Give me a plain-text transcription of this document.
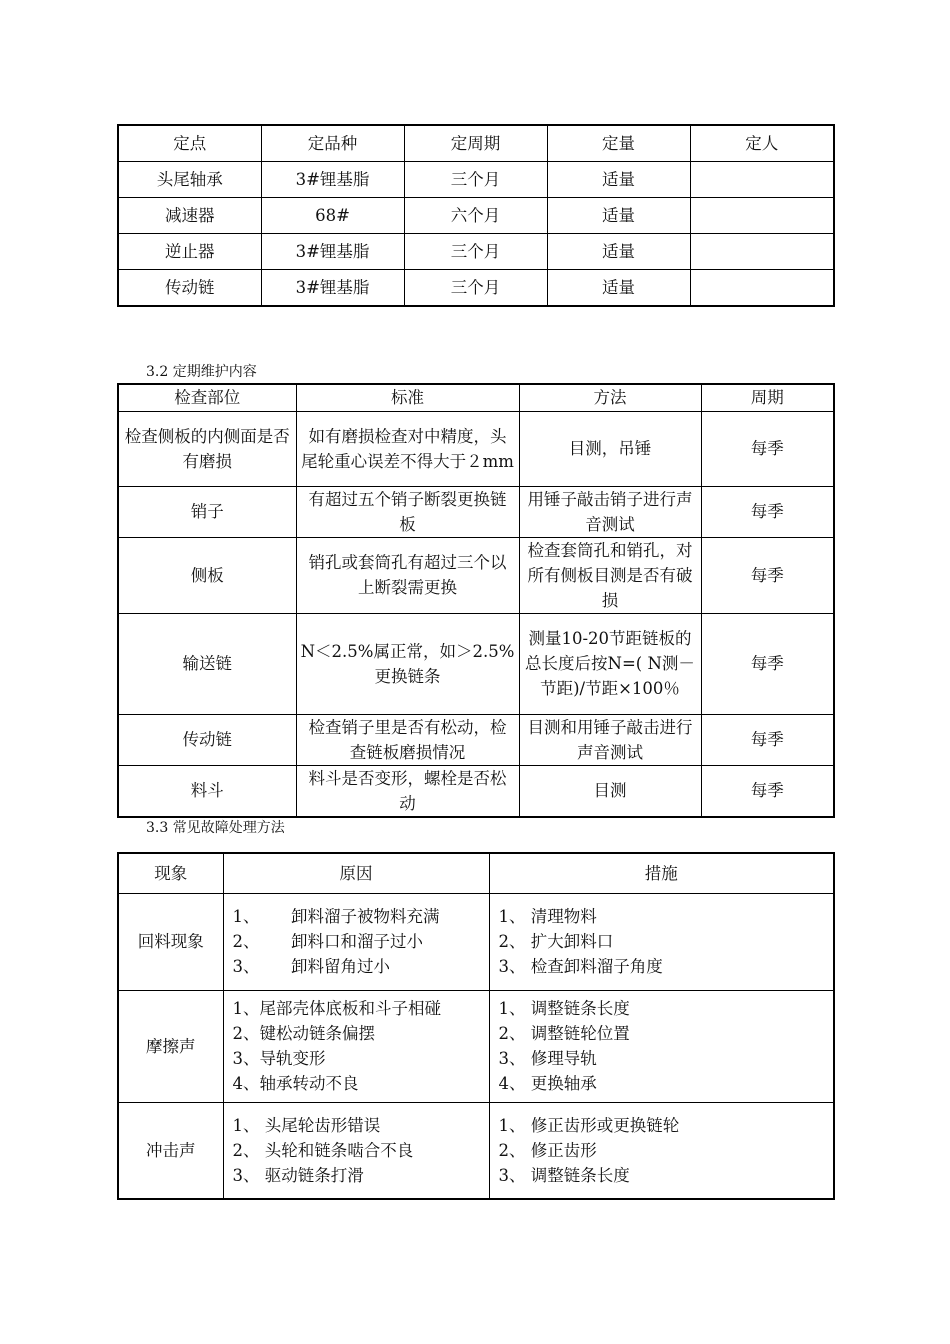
定点	定品种	定周期	定量	定人
头尾轴承	3#锂基脂	三个月	适量	
减速器	68#	六个月	适量	
逆止器	3#锂基脂	三个月	适量	
传动链	3#锂基脂	三个月	适量	
3.2 定期维护内容
检查部位	标准	方法	周期
检查侧板的内侧面是否有磨损	如有磨损检查对中精度，头尾轮重心误差不得大于２mm	目测，吊锤	每季
销子	有超过五个销子断裂更换链板	用锤子敲击销子进行声音测试	每季
侧板	销孔或套筒孔有超过三个以上断裂需更换	检查套筒孔和销孔，对所有侧板目测是否有破损	每季
输送链	N＜2.5%属正常，如＞2.5%更换链条	测量10-20节距链板的总长度后按N=( N测－节距)/节距×100％	每季
传动链	检查销子里是否有松动，检查链板磨损情况	目测和用锤子敲击进行声音测试	每季
料斗	料斗是否变形，螺栓是否松动	目测	每季
3.3 常见故障处理方法
现象	原因	措施
回料现象	1、      卸料溜子被物料充满
2、      卸料口和溜子过小
3、      卸料留角过小	1、 清理物料
2、 扩大卸料口
3、 检查卸料溜子角度

摩擦声	1、尾部壳体底板和斗子相碰
2、键松动链条偏摆
3、导轨变形
4、轴承转动不良	1、 调整链条长度
2、 调整链轮位置
3、 修理导轨
4、 更换轴承

冲击声	1、 头尾轮齿形错误
2、 头轮和链条啮合不良
3、 驱动链条打滑	1、 修正齿形或更换链轮
2、 修正齿形
3、 调整链条长度
